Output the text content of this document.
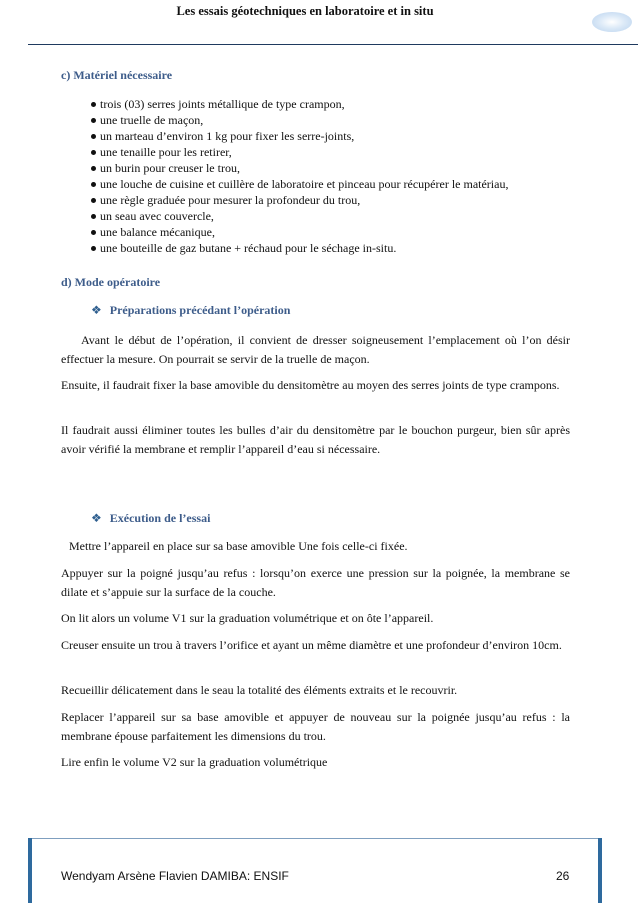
Les essais géotechniques en laboratoire et in situ
c) Matériel nécessaire
trois (03) serres joints métallique de type crampon,
une truelle de maçon,
un marteau d’environ 1 kg pour fixer les serre-joints,
une tenaille pour les retirer,
un burin pour creuser le trou,
une louche de cuisine et cuillère de laboratoire et pinceau pour récupérer le matériau,
une règle graduée pour mesurer la profondeur du trou,
un seau avec couvercle,
une balance mécanique,
une bouteille de gaz butane + réchaud pour le séchage in-situ.
d) Mode opératoire
❖ Préparations précédant l’opération

Avant le début de l’opération, il convient de dresser soigneusement l’emplacement où l’on désir effectuer la mesure. On pourrait se servir de la truelle de maçon.

Ensuite, il faudrait fixer la base amovible du densitomètre au moyen des serres joints de type crampons.

Il faudrait aussi éliminer toutes les bulles d’air du densitomètre par le bouchon purgeur, bien sûr après avoir vérifié la membrane et remplir l’appareil d’eau si nécessaire.

❖ Exécution de l’essai

Mettre l’appareil en place sur sa base amovible Une fois celle-ci fixée.

Appuyer sur la poigné jusqu’au refus : lorsqu’on exerce une pression sur la poignée, la membrane se dilate et s’appuie sur la surface de la couche.

On lit alors un volume V1 sur la graduation volumétrique et on ôte l’appareil.

Creuser ensuite un trou à travers l’orifice et ayant un même diamètre et une profondeur d’environ 10cm.

Recueillir délicatement dans le seau la totalité des éléments extraits et le recouvrir.

Replacer l’appareil sur sa base amovible et appuyer de nouveau sur la poignée jusqu’au refus : la membrane épouse parfaitement les dimensions du trou.

Lire enfin le volume V2 sur la graduation volumétrique

Wendyam Arsène Flavien DAMIBA: ENSIF	26
